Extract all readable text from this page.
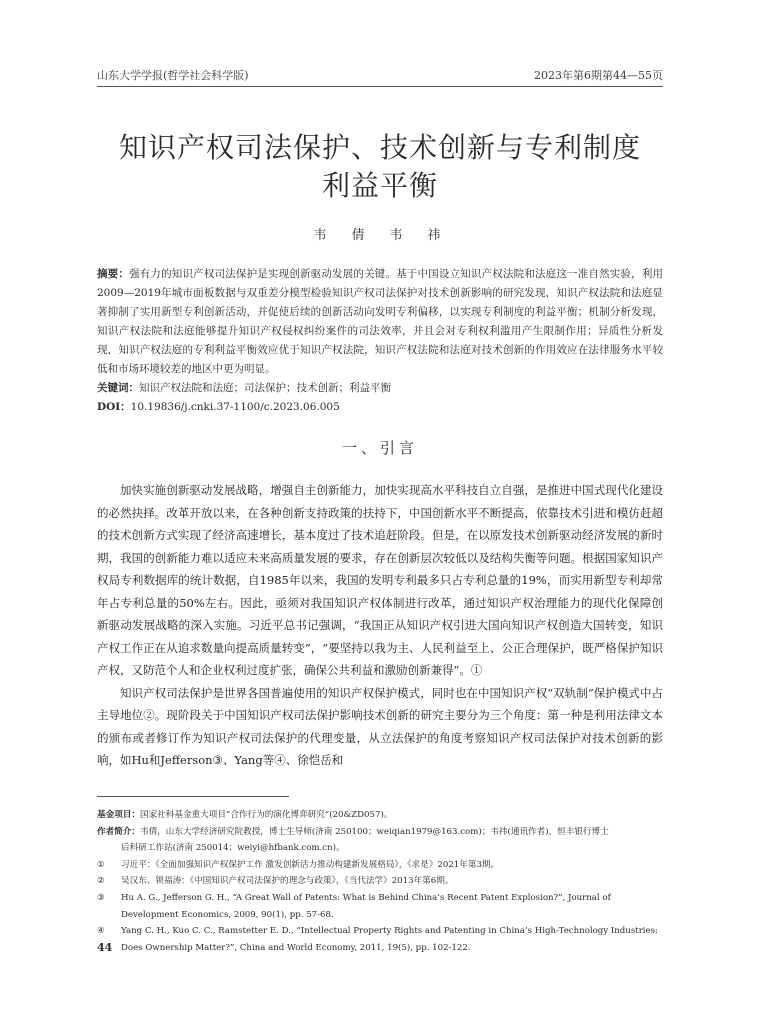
山东大学学报(哲学社会科学版)	2023年第6期第44—55页
知识产权司法保护、技术创新与专利制度
利益平衡
韦　倩　韦　祎
摘要：强有力的知识产权司法保护是实现创新驱动发展的关键。基于中国设立知识产权法院和法庭这一准自然实验，利用2009—2019年城市面板数据与双重差分模型检验知识产权司法保护对技术创新影响的研究发现，知识产权法院和法庭显著抑制了实用新型专利创新活动，并促使后续的创新活动向发明专利偏移，以实现专利制度的利益平衡；机制分析发现，知识产权法院和法庭能够提升知识产权侵权纠纷案件的司法效率，并且会对专利权利滥用产生限制作用；异质性分析发现，知识产权法庭的专利利益平衡效应优于知识产权法院，知识产权法院和法庭对技术创新的作用效应在法律服务水平较低和市场环境较差的地区中更为明显。
关键词：知识产权法院和法庭；司法保护；技术创新；利益平衡
DOI：10.19836/j.cnki.37-1100/c.2023.06.005
一、引言

加快实施创新驱动发展战略，增强自主创新能力，加快实现高水平科技自立自强，是推进中国式现代化建设的必然抉择。改革开放以来，在各种创新支持政策的扶持下，中国创新水平不断提高，依靠技术引进和模仿赶超的技术创新方式实现了经济高速增长，基本度过了技术追赶阶段。但是，在以原发技术创新驱动经济发展的新时期，我国的创新能力难以适应未来高质量发展的要求，存在创新层次较低以及结构失衡等问题。根据国家知识产权局专利数据库的统计数据，自1985年以来，我国的发明专利最多只占专利总量的19%，而实用新型专利却常年占专利总量的50%左右。因此，亟须对我国知识产权体制进行改革，通过知识产权治理能力的现代化保障创新驱动发展战略的深入实施。习近平总书记强调，“我国正从知识产权引进大国向知识产权创造大国转变，知识产权工作正在从追求数量向提高质量转变”，“要坚持以我为主、人民利益至上、公正合理保护，既严格保护知识产权，又防范个人和企业权利过度扩张，确保公共利益和激励创新兼得”。①

知识产权司法保护是世界各国普遍使用的知识产权保护模式，同时也在中国知识产权“双轨制”保护模式中占主导地位②。现阶段关于中国知识产权司法保护影响技术创新的研究主要分为三个角度：第一种是利用法律文本的颁布或者修订作为知识产权司法保护的代理变量，从立法保护的角度考察知识产权司法保护对技术创新的影响，如Hu和Jefferson③、Yang等④、徐恺岳和

基金项目：国家社科基金重大项目“合作行为的演化博弈研究”(20&ZD057)。
作者简介：韦倩，山东大学经济研究院教授，博士生导师(济南 250100；weiqian1979@163.com)；韦祎(通讯作者)，恒丰银行博士
后科研工作站(济南 250014；weiyi@hfbank.com.cn)。
①	习近平：《全面加强知识产权保护工作 激发创新活力推动构建新发展格局》，《求是》2021年第3期。
②	吴汉东、锁福涛：《中国知识产权司法保护的理念与政策》，《当代法学》2013年第6期。
③	Hu A. G., Jefferson G. H., “A Great Wall of Patents: What is Behind China’s Recent Patent Explosion?”, Journal of Development Economics, 2009, 90(1), pp. 57-68.
④	Yang C. H., Kuo C. C., Ramstetter E. D., “Intellectual Property Rights and Patenting in China’s High-Technology Industries: Does Ownership Matter?”, China and World Economy, 2011, 19(5), pp. 102-122.
44
